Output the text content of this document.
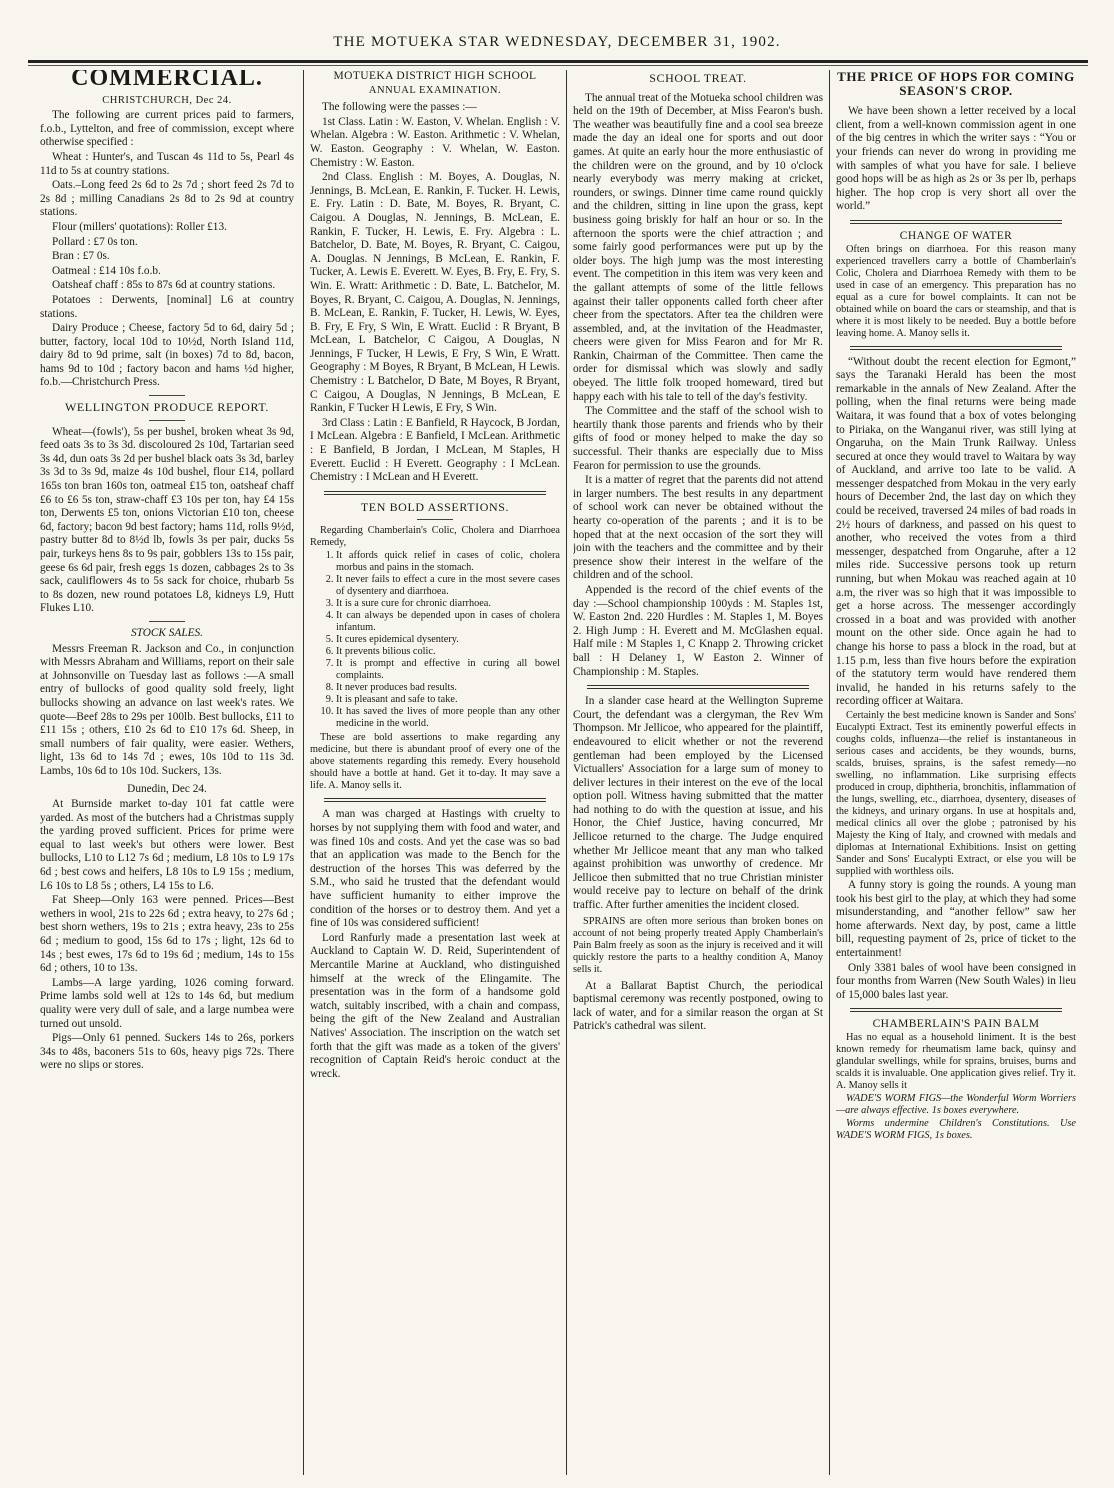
THE MOTUEKA STAR WEDNESDAY, DECEMBER 31, 1902.
COMMERCIAL.
CHRISTCHURCH, Dec 24.

The following are current prices paid to farmers, f.o.b., Lyttelton, and free of commission, except where otherwise specified :

Wheat : Hunter's, and Tuscan 4s 11d to 5s, Pearl 4s 11d to 5s at country stations.

Oats.–Long feed 2s 6d to 2s 7d ; short feed 2s 7d to 2s 8d ; milling Canadians 2s 8d to 2s 9d at country stations.

Flour (millers' quotations): Roller £13.

Pollard : £7 0s ton.

Bran : £7 0s.

Oatmeal : £14 10s f.o.b.

Oatsheaf chaff : 85s to 87s 6d at country stations.

Potatoes : Derwents, [nominal] L6 at country stations.

Dairy Produce ; Cheese, factory 5d to 6d, dairy 5d ; butter, factory, local 10d to 10½d, North Island 11d, dairy 8d to 9d prime, salt (in boxes) 7d to 8d, bacon, hams 9d to 10d ; factory bacon and hams ½d higher, fo.b.—Christchurch Press.

WELLINGTON PRODUCE REPORT.

Wheat—(fowls'), 5s per bushel, broken wheat 3s 9d, feed oats 3s to 3s 3d. discoloured 2s 10d, Tartarian seed 3s 4d, dun oats 3s 2d per bushel black oats 3s 3d, barley 3s 3d to 3s 9d, maize 4s 10d bushel, flour £14, pollard 165s ton bran 160s ton, oatmeal £15 ton, oatsheaf chaff £6 to £6 5s ton, straw-chaff £3 10s per ton, hay £4 15s ton, Derwents £5 ton, onions Victorian £10 ton, cheese 6d, factory; bacon 9d best factory; hams 11d, rolls 9½d, pastry butter 8d to 8½d lb, fowls 3s per pair, ducks 5s pair, turkeys hens 8s to 9s pair, gobblers 13s to 15s pair, geese 6s 6d pair, fresh eggs 1s dozen, cabbages 2s to 3s sack, cauliflowers 4s to 5s sack for choice, rhubarb 5s to 8s dozen, new round potatoes L8, kidneys L9, Hutt Flukes L10.

STOCK SALES.

Messrs Freeman R. Jackson and Co., in conjunction with Messrs Abraham and Williams, report on their sale at Johnsonville on Tuesday last as follows :—A small entry of bullocks of good quality sold freely, light bullocks showing an advance on last week's rates. We quote—Beef 28s to 29s per 100lb. Best bullocks, £11 to £11 15s ; others, £10 2s 6d to £10 17s 6d. Sheep, in small numbers of fair quality, were easier. Wethers, light, 13s 6d to 14s 7d ; ewes, 10s 10d to 11s 3d. Lambs, 10s 6d to 10s 10d. Suckers, 13s.

Dunedin, Dec 24.

At Burnside market to-day 101 fat cattle were yarded. As most of the butchers had a Christmas supply the yarding proved sufficient. Prices for prime were equal to last week's but others were lower. Best bullocks, L10 to L12 7s 6d ; medium, L8 10s to L9 17s 6d ; best cows and heifers, L8 10s to L9 15s ; medium, L6 10s to L8 5s ; others, L4 15s to L6.

Fat Sheep—Only 163 were penned. Prices—Best wethers in wool, 21s to 22s 6d ; extra heavy, to 27s 6d ; best shorn wethers, 19s to 21s ; extra heavy, 23s to 25s 6d ; medium to good, 15s 6d to 17s ; light, 12s 6d to 14s ; best ewes, 17s 6d to 19s 6d ; medium, 14s to 15s 6d ; others, 10 to 13s.

Lambs—A large yarding, 1026 coming forward. Prime lambs sold well at 12s to 14s 6d, but medium quality were very dull of sale, and a large numbea were turned out unsold.

Pigs—Only 61 penned. Suckers 14s to 26s, porkers 34s to 48s, baconers 51s to 60s, heavy pigs 72s. There were no slips or stores.

MOTUEKA DISTRICT HIGH SCHOOL
ANNUAL EXAMINATION.

The following were the passes :—

1st Class. Latin : W. Easton, V. Whelan. English : V. Whelan. Algebra : W. Easton. Arithmetic : V. Whelan, W. Easton. Geography : V. Whelan, W. Easton. Chemistry : W. Easton.

2nd Class. English : M. Boyes, A. Douglas, N. Jennings, B. McLean, E. Rankin, F. Tucker. H. Lewis, E. Fry. Latin : D. Bate, M. Boyes, R. Bryant, C. Caigou. A Douglas, N. Jennings, B. McLean, E. Rankin, F. Tucker, H. Lewis, E. Fry. Algebra : L. Batchelor, D. Bate, M. Boyes, R. Bryant, C. Caigou, A. Douglas. N Jennings, B McLean, E. Rankin, F. Tucker, A. Lewis E. Everett. W. Eyes, B. Fry, E. Fry, S. Win. E. Wratt: Arithmetic : D. Bate, L. Batchelor, M. Boyes, R. Bryant, C. Caigou, A. Douglas, N. Jennings, B. McLean, E. Rankin, F. Tucker, H. Lewis, W. Eyes, B. Fry, E Fry, S Win, E Wratt. Euclid : R Bryant, B McLean, L Batchelor, C Caigou, A Douglas, N Jennings, F Tucker, H Lewis, E Fry, S Win, E Wratt. Geography : M Boyes, R Bryant, B McLean, H Lewis. Chemistry : L Batchelor, D Bate, M Boyes, R Bryant, C Caigou, A Douglas, N Jennings, B McLean, E Rankin, F Tucker H Lewis, E Fry, S Win.

3rd Class : Latin : E Banfield, R Haycock, B Jordan, I McLean. Algebra : E Banfield, I McLean. Arithmetic : E Banfield, B Jordan, I McLean, M Staples, H Everett. Euclid : H Everett. Geography : I McLean. Chemistry : I McLean and H Everett.

TEN BOLD ASSERTIONS.

Regarding Chamberlain's Colic, Cholera and Diarrhoea Remedy,

1. It affords quick relief in cases of colic, cholera morbus and pains in the stomach.
2. It never fails to effect a cure in the most severe cases of dysentery and diarrhoea.
3. It is a sure cure for chronic diarrhoea.
4. It can always be depended upon in cases of cholera infantum.
5. It cures epidemical dysentery.
6. It prevents bilious colic.
7. It is prompt and effective in curing all bowel complaints.
8. It never produces bad results.
9. It is pleasant and safe to take.
10. It has saved the lives of more people than any other medicine in the world.

These are bold assertions to make regarding any medicine, but there is abundant proof of every one of the above statements regarding this remedy. Every household should have a bottle at hand. Get it to-day. It may save a life. A. Manoy sells it.

A man was charged at Hastings with cruelty to horses by not supplying them with food and water, and was fined 10s and costs. And yet the case was so bad that an application was made to the Bench for the destruction of the horses This was deferred by the S.M., who said he trusted that the defendant would have sufficient humanity to either improve the condition of the horses or to destroy them. And yet a fine of 10s was considered sufficient!

Lord Ranfurly made a presentation last week at Auckland to Captain W. D. Reid, Superintendent of Mercantile Marine at Auckland, who distinguished himself at the wreck of the Elingamite. The presentation was in the form of a handsome gold watch, suitably inscribed, with a chain and compass, being the gift of the New Zealand and Australian Natives' Association. The inscription on the watch set forth that the gift was made as a token of the givers' recognition of Captain Reid's heroic conduct at the wreck.

SCHOOL TREAT.

The annual treat of the Motueka school children was held on the 19th of December, at Miss Fearon's bush. The weather was beautifully fine and a cool sea breeze made the day an ideal one for sports and out door games. At quite an early hour the more enthusiastic of the children were on the ground, and by 10 o'clock nearly everybody was merry making at cricket, rounders, or swings. Dinner time came round quickly and the children, sitting in line upon the grass, kept business going briskly for half an hour or so. In the afternoon the sports were the chief attraction ; and some fairly good performances were put up by the older boys. The high jump was the most interesting event. The competition in this item was very keen and the gallant attempts of some of the little fellows against their taller opponents called forth cheer after cheer from the spectators. After tea the children were assembled, and, at the invitation of the Headmaster, cheers were given for Miss Fearon and for Mr R. Rankin, Chairman of the Committee. Then came the order for dismissal which was slowly and sadly obeyed. The little folk trooped homeward, tired but happy each with his tale to tell of the day's festivity.

The Committee and the staff of the school wish to heartily thank those parents and friends who by their gifts of food or money helped to make the day so successful. Their thanks are especially due to Miss Fearon for permission to use the grounds.

It is a matter of regret that the parents did not attend in larger numbers. The best results in any department of school work can never be obtained without the hearty co-operation of the parents ; and it is to be hoped that at the next occasion of the sort they will join with the teachers and the committee and by their presence show their interest in the welfare of the children and of the school.

Appended is the record of the chief events of the day :—School championship 100yds : M. Staples 1st, W. Easton 2nd. 220 Hurdles : M. Staples 1, M. Boyes 2. High Jump : H. Everett and M. McGlashen equal. Half mile : M Staples 1, C Knapp 2. Throwing cricket ball : H Delaney 1, W Easton 2. Winner of Championship : M. Staples.

In a slander case heard at the Wellington Supreme Court, the defendant was a clergyman, the Rev Wm Thompson. Mr Jellicoe, who appeared for the plaintiff, endeavoured to elicit whether or not the reverend gentleman had been employed by the Licensed Victuallers' Association for a large sum of money to deliver lectures in their interest on the eve of the local option poll. Witness having submitted that the matter had nothing to do with the question at issue, and his Honor, the Chief Justice, having concurred, Mr Jellicoe returned to the charge. The Judge enquired whether Mr Jellicoe meant that any man who talked against prohibition was unworthy of credence. Mr Jellicoe then submitted that no true Christian minister would receive pay to lecture on behalf of the drink traffic. After further amenities the incident closed.

SPRAINS are often more serious than broken bones on account of not being properly treated Apply Chamberlain's Pain Balm freely as soon as the injury is received and it will quickly restore the parts to a healthy condition A, Manoy sells it.

At a Ballarat Baptist Church, the periodical baptismal ceremony was recently postponed, owing to lack of water, and for a similar reason the organ at St Patrick's cathedral was silent.

THE PRICE OF HOPS FOR COMING SEASON'S CROP.

We have been shown a letter received by a local client, from a well-known commission agent in one of the big centres in which the writer says : “You or your friends can never do wrong in providing me with samples of what you have for sale. I believe good hops will be as high as 2s or 3s per lb, perhaps higher. The hop crop is very short all over the world.”

CHANGE OF WATER

Often brings on diarrhoea. For this reason many experienced travellers carry a bottle of Chamberlain's Colic, Cholera and Diarrhoea Remedy with them to be used in case of an emergency. This preparation has no equal as a cure for bowel complaints. It can not be obtained while on board the cars or steamship, and that is where it is most likely to be needed. Buy a bottle before leaving home. A. Manoy sells it.

“Without doubt the recent election for Egmont,” says the Taranaki Herald has been the most remarkable in the annals of New Zealand. After the polling, when the final returns were being made Waitara, it was found that a box of votes belonging to Piriaka, on the Wanganui river, was still lying at Ongaruha, on the Main Trunk Railway. Unless secured at once they would travel to Waitara by way of Auckland, and arrive too late to be valid. A messenger despatched from Mokau in the very early hours of December 2nd, the last day on which they could be received, traversed 24 miles of bad roads in 2½ hours of darkness, and passed on his quest to another, who received the votes from a third messenger, despatched from Ongaruhe, after a 12 miles ride. Successive persons took up return running, but when Mokau was reached again at 10 a.m, the river was so high that it was impossible to get a horse across. The messenger accordingly crossed in a boat and was provided with another mount on the other side. Once again he had to change his horse to pass a block in the road, but at 1.15 p.m, less than five hours before the expiration of the statutory term would have rendered them invalid, he handed in his returns safely to the recording officer at Waitara.

Certainly the best medicine known is Sander and Sons' Eucalypti Extract. Test its eminently powerful effects in coughs colds, influenza—the relief is instantaneous in serious cases and accidents, be they wounds, burns, scalds, bruises, sprains, is the safest remedy—no swelling, no inflammation. Like surprising effects produced in croup, diphtheria, bronchitis, inflammation of the lungs, swelling, etc., diarrhoea, dysentery, diseases of the kidneys, and urinary organs. In use at hospitals and, medical clinics all over the globe ; patronised by his Majesty the King of Italy, and crowned with medals and diplomas at International Exhibitions. Insist on getting Sander and Sons' Eucalypti Extract, or else you will be supplied with worthless oils.

A funny story is going the rounds. A young man took his best girl to the play, at which they had some misunderstanding, and “another fellow” saw her home afterwards. Next day, by post, came a little bill, requesting payment of 2s, price of ticket to the entertainment!

Only 3381 bales of wool have been consigned in four months from Warren (New South Wales) in lieu of 15,000 bales last year.

CHAMBERLAIN'S PAIN BALM

Has no equal as a household liniment. It is the best known remedy for rheumatism lame back, quinsy and glandular swellings, while for sprains, bruises, burns and scalds it is invaluable. One application gives relief. Try it. A. Manoy sells it

WADE'S WORM FIGS—the Wonderful Worm Worriers—are always effective. 1s boxes everywhere.

Worms undermine Children's Constitutions. Use WADE'S WORM FIGS, 1s boxes.
